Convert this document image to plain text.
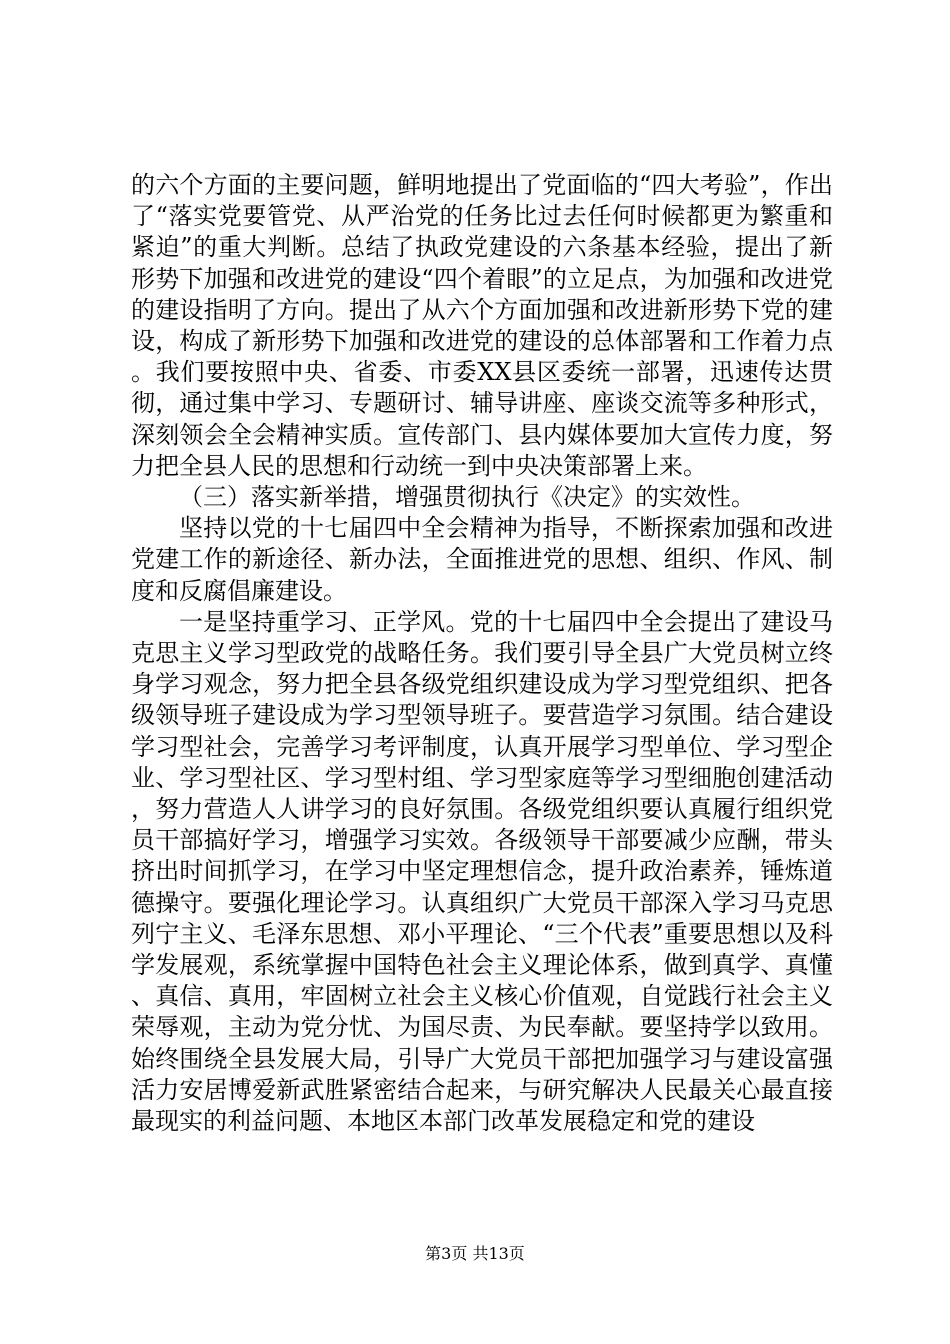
的六个方面的主要问题，鲜明地提出了党面临的“四大考验”，作出了“落实党要管党、从严治党的任务比过去任何时候都更为繁重和紧迫”的重大判断。总结了执政党建设的六条基本经验，提出了新形势下加强和改进党的建设“四个着眼”的立足点，为加强和改进党的建设指明了方向。提出了从六个方面加强和改进新形势下党的建设，构成了新形势下加强和改进党的建设的总体部署和工作着力点。我们要按照中央、省委、市委XX县区委统一部署，迅速传达贯彻，通过集中学习、专题研讨、辅导讲座、座谈交流等多种形式，深刻领会全会精神实质。宣传部门、县内媒体要加大宣传力度，努力把全县人民的思想和行动统一到中央决策部署上来。

（三）落实新举措，增强贯彻执行《决定》的实效性。

坚持以党的十七届四中全会精神为指导，不断探索加强和改进党建工作的新途径、新办法，全面推进党的思想、组织、作风、制度和反腐倡廉建设。

一是坚持重学习、正学风。党的十七届四中全会提出了建设马克思主义学习型政党的战略任务。我们要引导全县广大党员树立终身学习观念，努力把全县各级党组织建设成为学习型党组织、把各级领导班子建设成为学习型领导班子。要营造学习氛围。结合建设学习型社会，完善学习考评制度，认真开展学习型单位、学习型企业、学习型社区、学习型村组、学习型家庭等学习型细胞创建活动，努力营造人人讲学习的良好氛围。各级党组织要认真履行组织党员干部搞好学习，增强学习实效。各级领导干部要减少应酬，带头挤出时间抓学习，在学习中坚定理想信念，提升政治素养，锤炼道德操守。要强化理论学习。认真组织广大党员干部深入学习马克思列宁主义、毛泽东思想、邓小平理论、“三个代表”重要思想以及科学发展观，系统掌握中国特色社会主义理论体系，做到真学、真懂、真信、真用，牢固树立社会主义核心价值观，自觉践行社会主义荣辱观，主动为党分忧、为国尽责、为民奉献。要坚持学以致用。始终围绕全县发展大局，引导广大党员干部把加强学习与建设富强活力安居博爱新武胜紧密结合起来，与研究解决人民最关心最直接最现实的利益问题、本地区本部门改革发展稳定和党的建设

第3页 共13页
